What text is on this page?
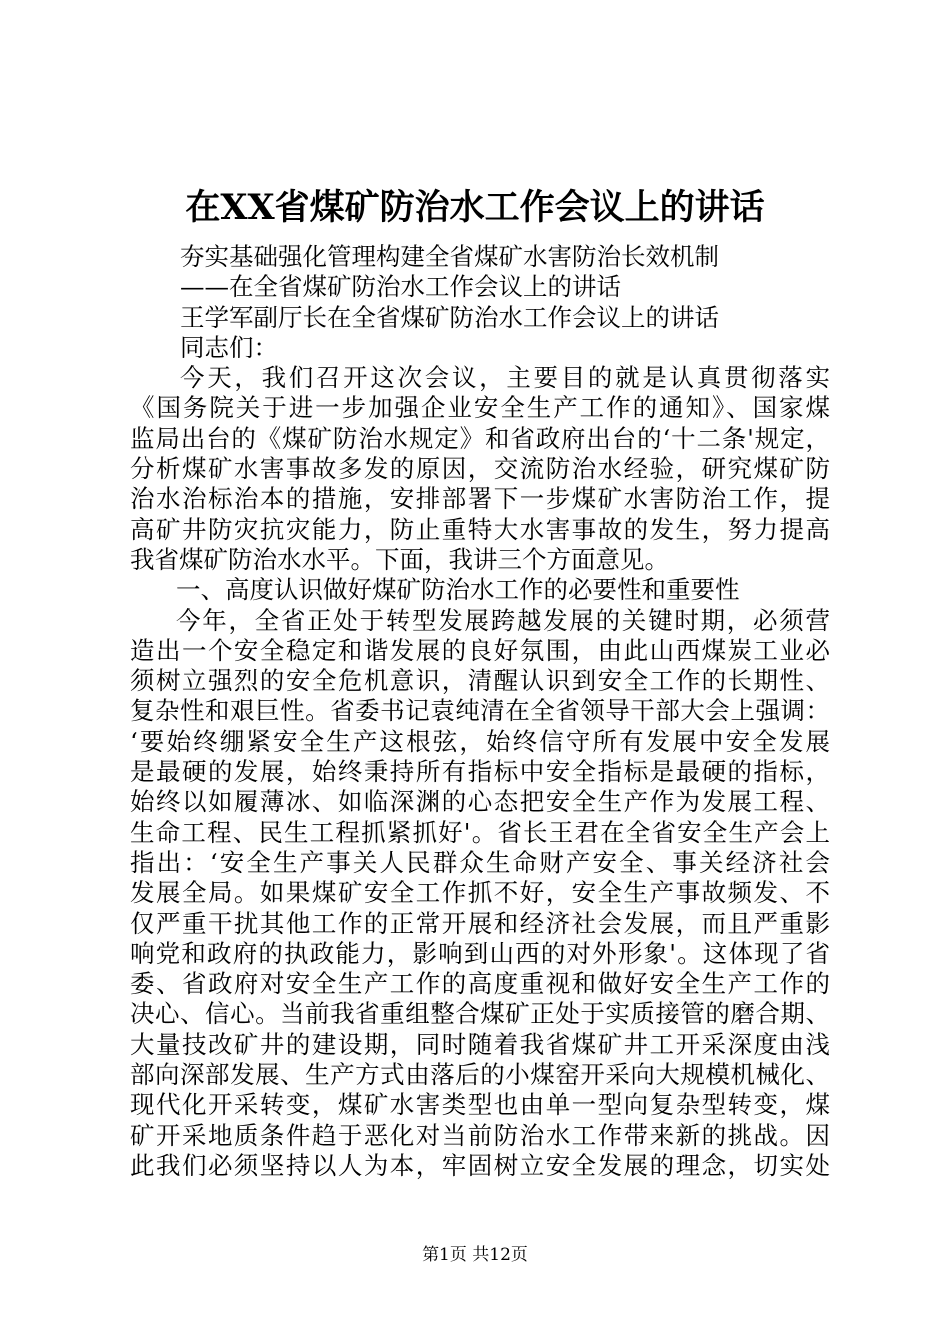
在XX省煤矿防治水工作会议上的讲话
夯实基础强化管理构建全省煤矿水害防治长效机制
——在全省煤矿防治水工作会议上的讲话
王学军副厅长在全省煤矿防治水工作会议上的讲话
同志们：
今天，我们召开这次会议，主要目的就是认真贯彻落实
《国务院关于进一步加强企业安全生产工作的通知》、国家煤
监局出台的《煤矿防治水规定》和省政府出台的‘十二条'规定，
分析煤矿水害事故多发的原因，交流防治水经验，研究煤矿防
治水治标治本的措施，安排部署下一步煤矿水害防治工作，提
高矿井防灾抗灾能力，防止重特大水害事故的发生，努力提高
我省煤矿防治水水平。下面，我讲三个方面意见。
一、高度认识做好煤矿防治水工作的必要性和重要性
今年，全省正处于转型发展跨越发展的关键时期，必须营
造出一个安全稳定和谐发展的良好氛围，由此山西煤炭工业必
须树立强烈的安全危机意识，清醒认识到安全工作的长期性、
复杂性和艰巨性。省委书记袁纯清在全省领导干部大会上强调：
‘要始终绷紧安全生产这根弦，始终信守所有发展中安全发展
是最硬的发展，始终秉持所有指标中安全指标是最硬的指标，
始终以如履薄冰、如临深渊的心态把安全生产作为发展工程、
生命工程、民生工程抓紧抓好'。省长王君在全省安全生产会上
指出：‘安全生产事关人民群众生命财产安全、事关经济社会
发展全局。如果煤矿安全工作抓不好，安全生产事故频发、不
仅严重干扰其他工作的正常开展和经济社会发展，而且严重影
响党和政府的执政能力，影响到山西的对外形象'。这体现了省
委、省政府对安全生产工作的高度重视和做好安全生产工作的
决心、信心。当前我省重组整合煤矿正处于实质接管的磨合期、
大量技改矿井的建设期，同时随着我省煤矿井工开采深度由浅
部向深部发展、生产方式由落后的小煤窑开采向大规模机械化、
现代化开采转变，煤矿水害类型也由单一型向复杂型转变，煤
矿开采地质条件趋于恶化对当前防治水工作带来新的挑战。因
此我们必须坚持以人为本，牢固树立安全发展的理念，切实处
第1页 共12页
